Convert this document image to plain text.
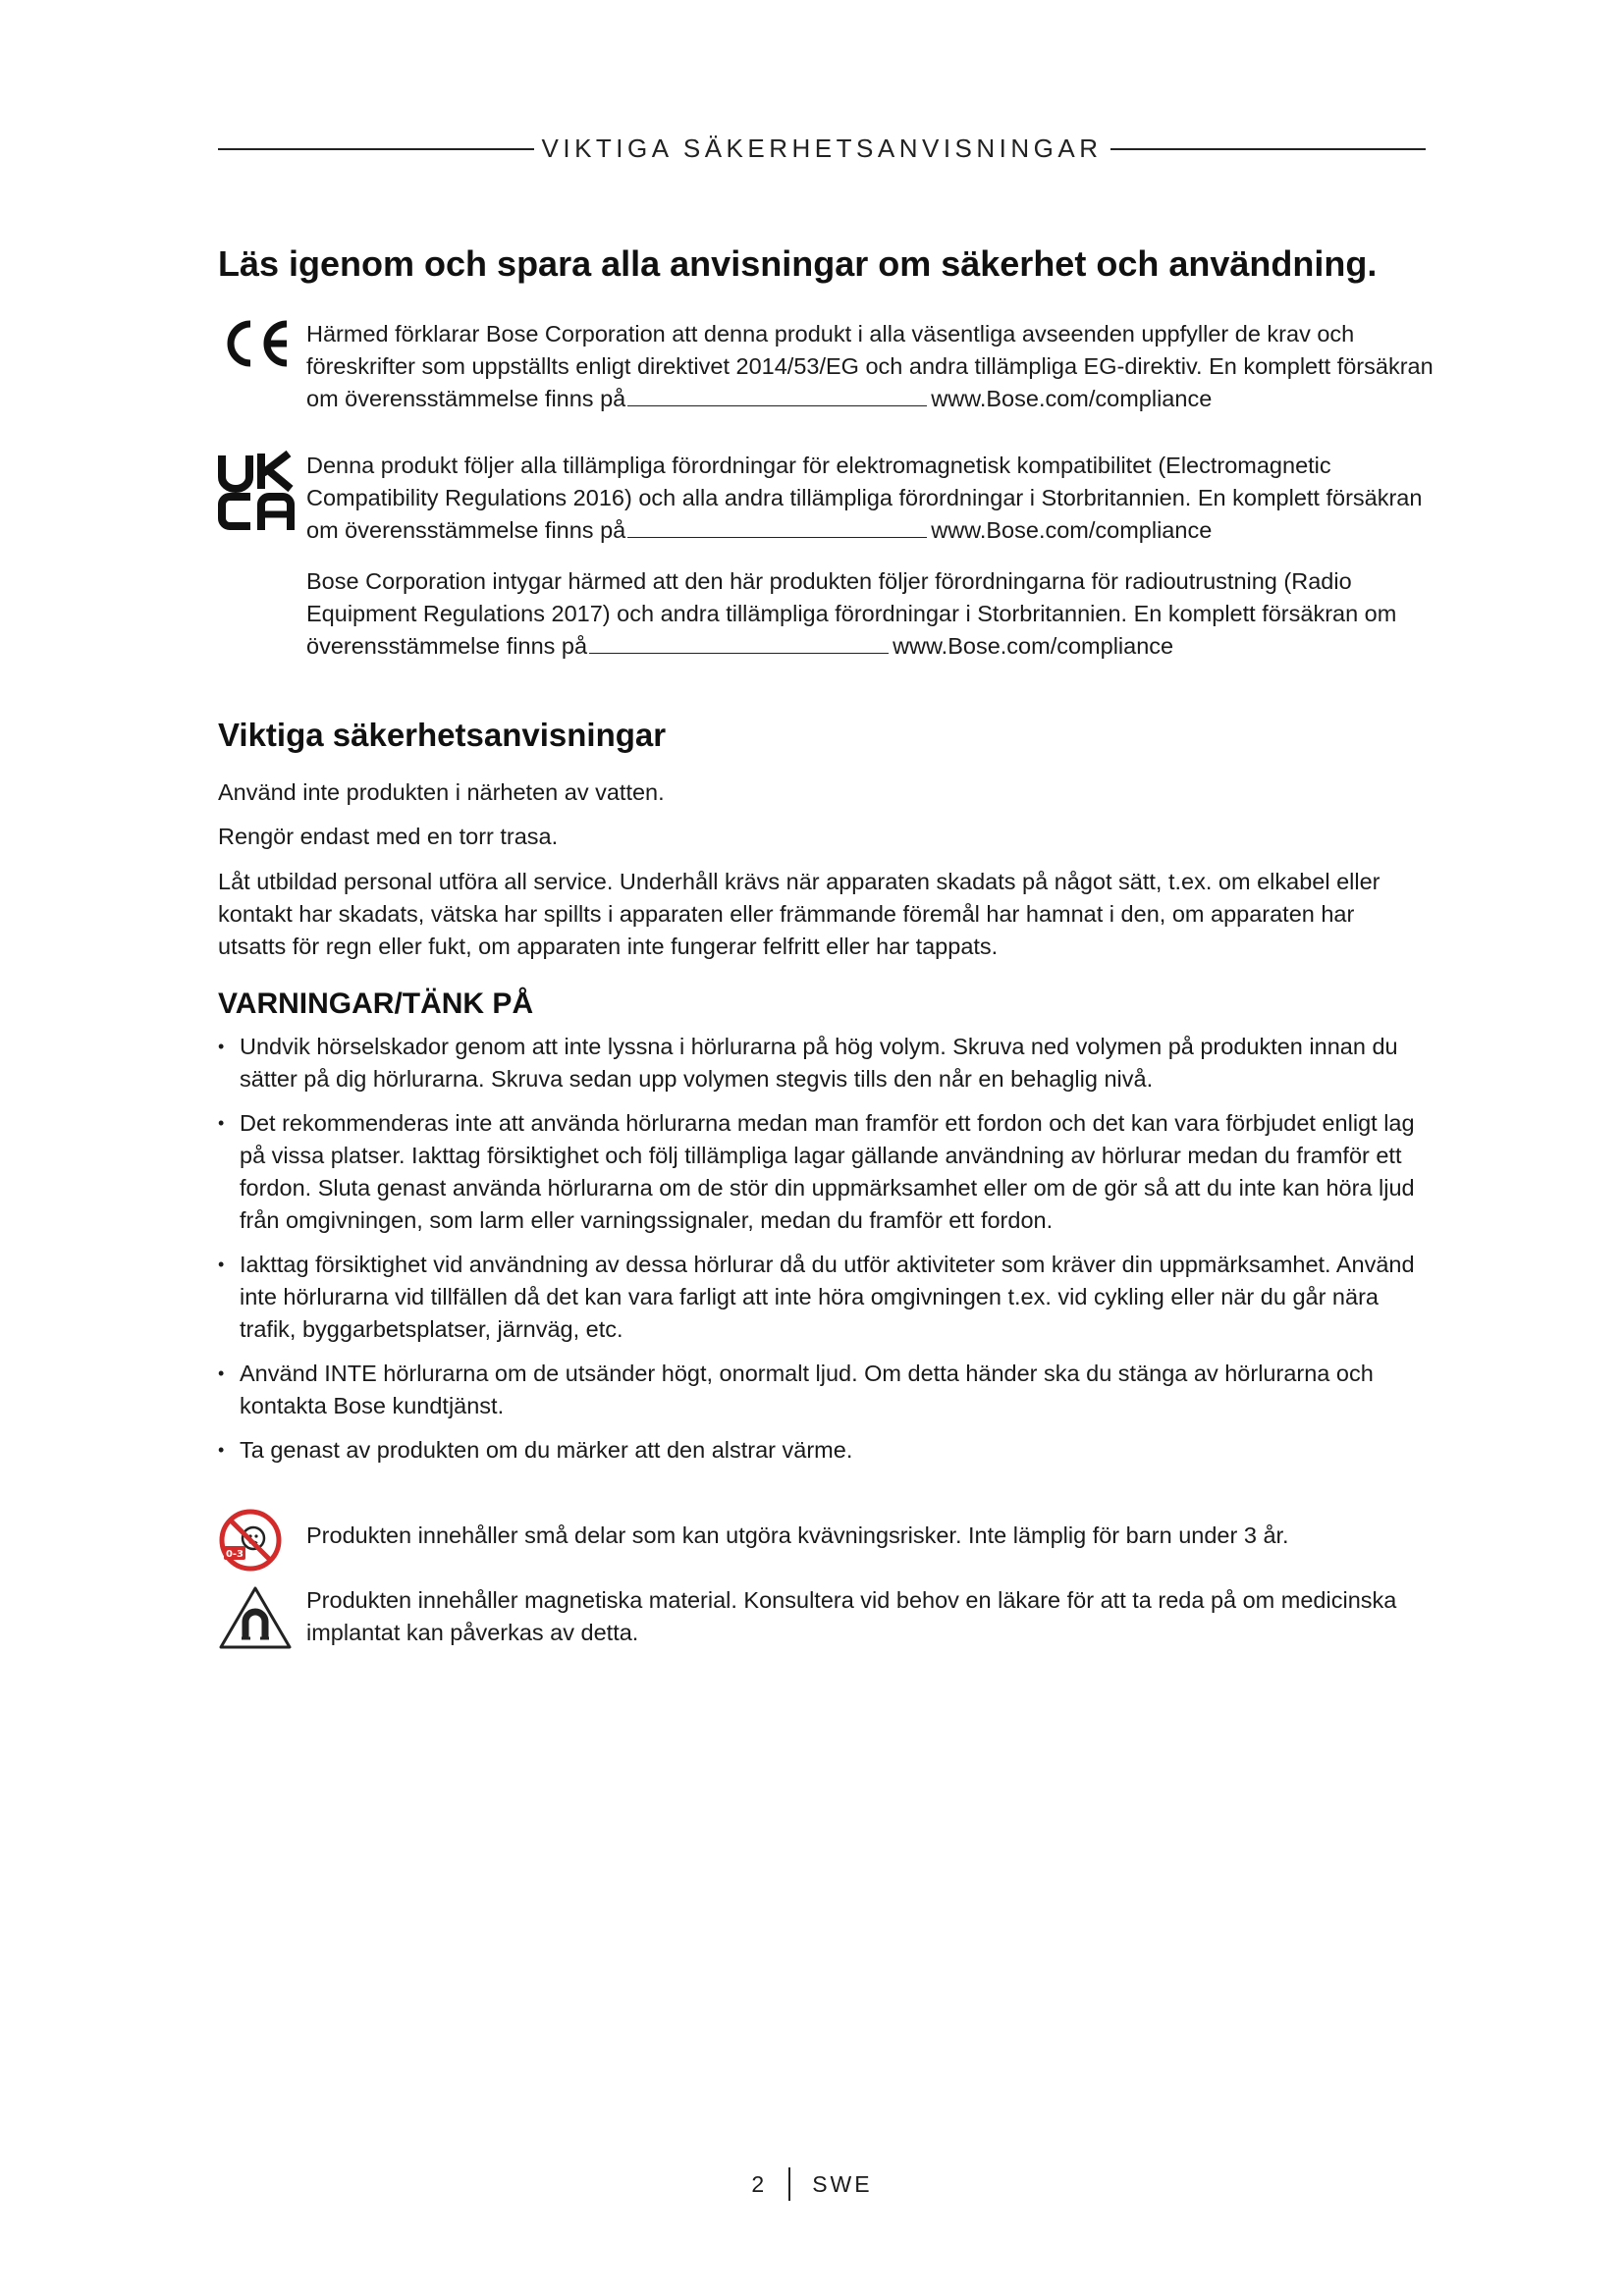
VIKTIGA SÄKERHETSANVISNINGAR
Läs igenom och spara alla anvisningar om säkerhet och användning.
Härmed förklarar Bose Corporation att denna produkt i alla väsentliga avseenden uppfyller de krav och föreskrifter som uppställts enligt direktivet 2014/53/EG och andra tillämpliga EG-direktiv. En komplett försäkran om överensstämmelse finns på	www.Bose.com/compliance
Denna produkt följer alla tillämpliga förordningar för elektromagnetisk kompatibilitet (Electromagnetic Compatibility Regulations 2016) och alla andra tillämpliga förordningar i Storbritannien. En komplett försäkran om överensstämmelse finns på	www.Bose.com/compliance
Bose Corporation intygar härmed att den här produkten följer förordningarna för radioutrustning (Radio Equipment Regulations 2017) och andra tillämpliga förordningar i Storbritannien. En komplett försäkran om överensstämmelse finns på	www.Bose.com/compliance
Viktiga säkerhetsanvisningar

Använd inte produkten i närheten av vatten.

Rengör endast med en torr trasa.

Låt utbildad personal utföra all service. Underhåll krävs när apparaten skadats på något sätt, t.ex. om elkabel eller kontakt har skadats, vätska har spillts i apparaten eller främmande föremål har hamnat i den, om apparaten har utsatts för regn eller fukt, om apparaten inte fungerar felfritt eller har tappats.

VARNINGAR/TÄNK PÅ
• Undvik hörselskador genom att inte lyssna i hörlurarna på hög volym. Skruva ned volymen på produkten innan du sätter på dig hörlurarna. Skruva sedan upp volymen stegvis tills den når en behaglig nivå.
• Det rekommenderas inte att använda hörlurarna medan man framför ett fordon och det kan vara förbjudet enligt lag på vissa platser. Iakttag försiktighet och följ tillämpliga lagar gällande användning av hörlurar medan du framför ett fordon. Sluta genast använda hörlurarna om de stör din uppmärksamhet eller om de gör så att du inte kan höra ljud från omgivningen, som larm eller varningssignaler, medan du framför ett fordon.
• Iakttag försiktighet vid användning av dessa hörlurar då du utför aktiviteter som kräver din uppmärksamhet. Använd inte hörlurarna vid tillfällen då det kan vara farligt att inte höra omgivningen t.ex. vid cykling eller när du går nära trafik, byggarbetsplatser, järnväg, etc.
• Använd INTE hörlurarna om de utsänder högt, onormalt ljud. Om detta händer ska du stänga av hörlurarna och kontakta Bose kundtjänst.
• Ta genast av produkten om du märker att den alstrar värme.
0-3
Produkten innehåller små delar som kan utgöra kvävningsrisker. Inte lämplig för barn under 3 år.
Produkten innehåller magnetiska material. Konsultera vid behov en läkare för att ta reda på om medicinska implantat kan påverkas av detta.
2 SWE
